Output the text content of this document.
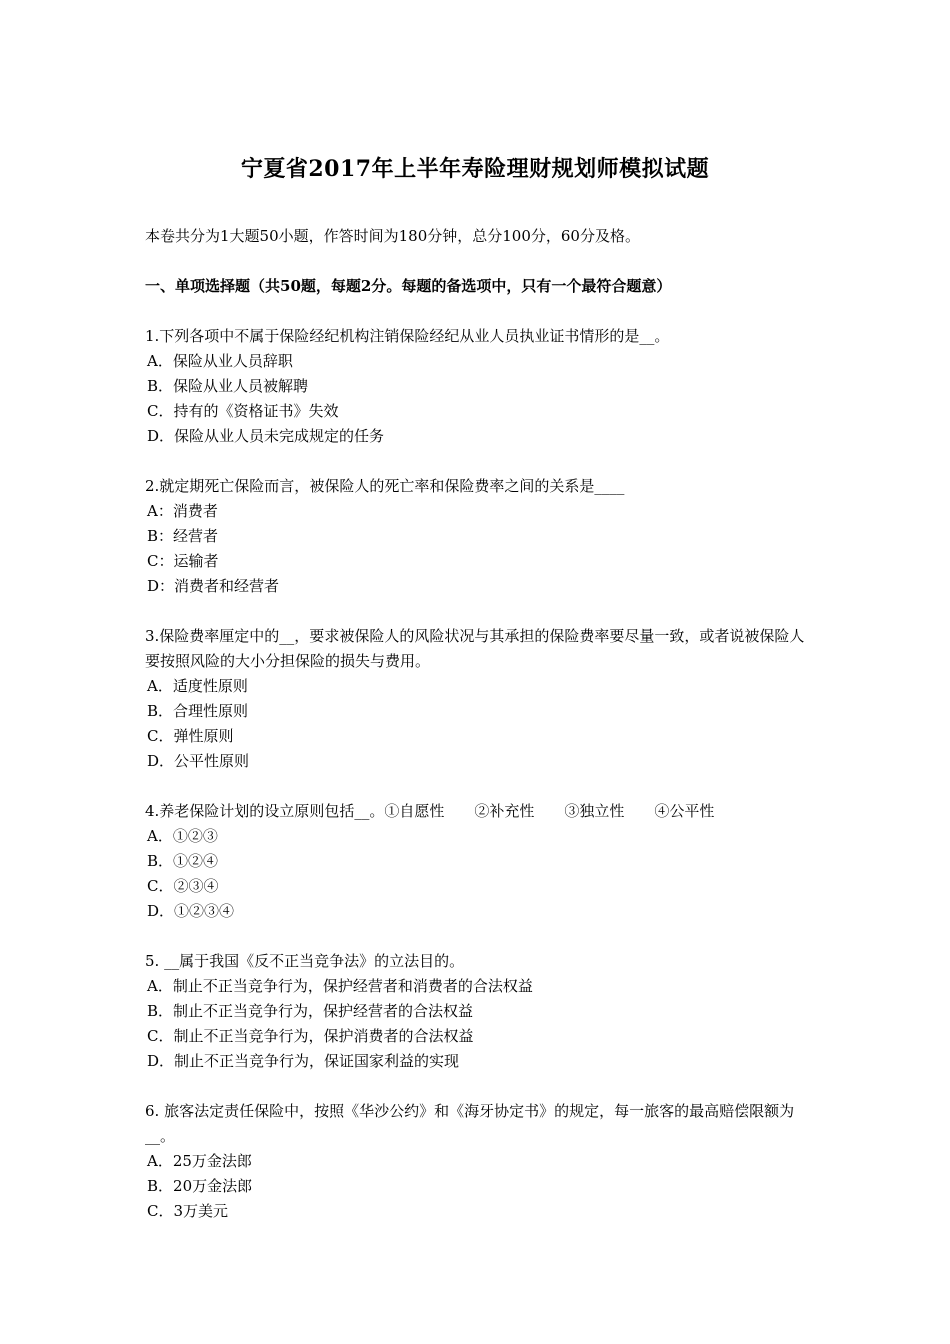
宁夏省2017年上半年寿险理财规划师模拟试题

本卷共分为1大题50小题，作答时间为180分钟，总分100分，60分及格。

一、单项选择题（共50题，每题2分。每题的备选项中，只有一个最符合题意）

1.下列各项中不属于保险经纪机构注销保险经纪从业人员执业证书情形的是__。

A．保险从业人员辞职

B．保险从业人员被解聘

C．持有的《资格证书》失效

D．保险从业人员未完成规定的任务

2.就定期死亡保险而言，被保险人的死亡率和保险费率之间的关系是____

A：消费者

B：经营者

C：运输者

D：消费者和经营者

3.保险费率厘定中的__，要求被保险人的风险状况与其承担的保险费率要尽量一致，或者说被保险人要按照风险的大小分担保险的损失与费用。

A．适度性原则

B．合理性原则

C．弹性原则

D．公平性原则

4.养老保险计划的设立原则包括__。①自愿性　　②补充性　　③独立性　　④公平性

A．①②③

B．①②④

C．②③④

D．①②③④

5. __属于我国《反不正当竞争法》的立法目的。

A．制止不正当竞争行为，保护经营者和消费者的合法权益

B．制止不正当竞争行为，保护经营者的合法权益

C．制止不正当竞争行为，保护消费者的合法权益

D．制止不正当竞争行为，保证国家利益的实现

6. 旅客法定责任保险中，按照《华沙公约》和《海牙协定书》的规定，每一旅客的最高赔偿限额为__。

A．25万金法郎

B．20万金法郎

C．3万美元
